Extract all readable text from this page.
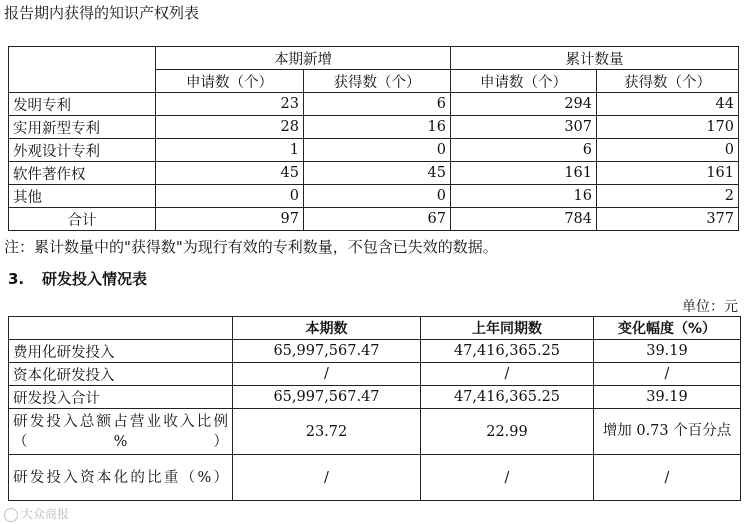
报告期内获得的知识产权列表
	本期新增		累计数量	
	申请数（个）	获得数（个）	申请数（个）	获得数（个）
发明专利	23	6	294	44
实用新型专利	28	16	307	170
外观设计专利	1	0	6	0
软件著作权	45	45	161	161
其他	0	0	16	2
合计	97	67	784	377
注：累计数量中的"获得数"为现行有效的专利数量，不包含已失效的数据。
3. 研发投入情况表
单位：元
	本期数	上年同期数	变化幅度（%）
费用化研发投入	65,997,567.47	47,416,365.25	39.19
资本化研发投入	/	/	/
研发投入合计	65,997,567.47	47,416,365.25	39.19
研发投入总额占营业收入比例（%）	23.72	22.99	增加 0.73 个百分点
研发投入资本化的比重（%）	/	/	/
大众商报
